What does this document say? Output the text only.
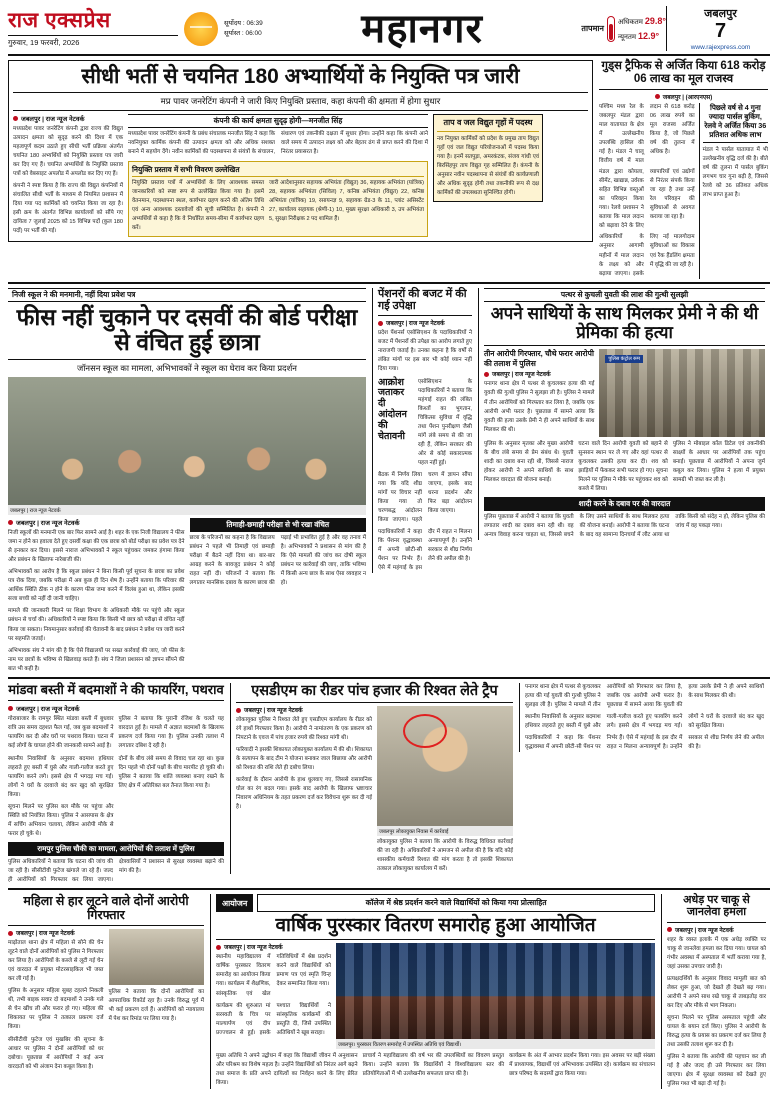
राज एक्सप्रेस
गुरुवार, 19 फरवरी, 2026
सूर्योदय : 06:39
सूर्यास्त : 06:00 महानगर	तापमान
अधिकतम 29.8°
न्यूनतम 12.9°
जबलपुर
7
www.rajexpress.com
सीधी भर्ती से चयनित 180 अभ्यार्थियों के नियुक्ति पत्र जारी
मप्र पावर जनरेटिंग कंपनी ने जारी किए नियुक्ति प्रस्ताव, कहा कंपनी की क्षमता में होगा सुधार
जबलपुर | राज न्यूज नेटवर्क
मध्यप्रदेश पावर जनरेटिंग कंपनी द्वारा राज्य की विद्युत उत्पादन क्षमता को सुदृढ़ करने की दिशा में एक महत्वपूर्ण कदम उठाते हुए सीधी भर्ती प्रक्रिया अंतर्गत चयनित 180 अभ्यर्थियों को नियुक्ति प्रस्ताव पत्र जारी कर दिए गए हैं। चयनित अभ्यर्थियों के नियुक्ति प्रस्ताव पत्रों को वेबसाइट अपलोड में अपलोड कर दिए गए हैं।
कंपनी ने स्पष्ट किया है कि राज्य की विद्युत कंपनियों में संचालित सीधी भर्ती के माध्यम से नियमित प्रशासन में दिया गया पद कार्मिकों को चयनित किया जा रहा है। इसी क्रम के अंतर्गत विभिन्न कार्यालयों को सौंपे गए दायित्व 7 जुलाई 2025 को 15 विभिन्न पदों (कुल 180 पदों) पर भर्ती की गई।
कंपनी की कार्य क्षमता सुदृढ़ होगी—मनजीत सिंह
मध्यप्रदेश पावर जनरेटिंग कंपनी के प्रबंध संचालक मनजीत सिंह ने कहा कि नवनियुक्त कार्मिक कंपनी की उत्पादन क्षमता को और अधिक सशक्त बनाने में सहयोग देंगे। नवीन कार्मिकों की पदस्थापना से संयंत्रों के संचालन, संधारण एवं तकनीकी दक्षता में सुधार होगा। उन्होंने कहा कि कंपनी आने वाले समय में उत्पादन लक्ष्य को और बेहतर ढंग से प्राप्त करने की दिशा में निरंतर प्रयासरत है।
नियुक्ति प्रस्ताव में सभी विवरण उल्लेखित
नियुक्ति प्रस्ताव पत्रों में अभ्यर्थियों के लिए आवश्यक समस्त जानकारियों को स्पष्ट रूप से उल्लेखित किया गया है। इसमें वेतनमान, पदस्थापना स्थल, कार्यभार ग्रहण करने की अंतिम तिथि एवं अन्य आवश्यक दस्तावेजों की सूची सम्मिलित है। कंपनी ने अभ्यर्थियों से कहा है कि वे निर्धारित समय-सीमा में कार्यभार ग्रहण करें।
जारी आदेशानुसार सहायक अभियंता (विद्युत) 36, सहायक अभियंता (यांत्रिक) 28, सहायक अभियंता (सिविल) 7, कनिष्ठ अभियंता (विद्युत) 22, कनिष्ठ अभियंता (यांत्रिक) 19, रसायनज्ञ 9, सहायक ग्रेड-3 के 11, प्लांट असिस्टेंट 27, कार्यालय सहायक (श्रेणी-1) 10, मुख्य सुरक्षा अधिकारी 3, उप अभियंता 5, सुरक्षा निरीक्षक 2 पद शामिल हैं।
ताप व जल विद्युत गृहों में पदस्थ
नव नियुक्त कार्मिकों को प्रदेश के प्रमुख ताप विद्युत गृहों एवं जल विद्युत परियोजनाओं में पदस्थ किया गया है। इनमें सतपुड़ा, अमरकंटक, संजय गांधी एवं बिरसिंहपुर ताप विद्युत गृह सम्मिलित हैं। कंपनी के अनुसार नवीन पदस्थापना से संयंत्रों की कार्यप्रणाली और अधिक सुदृढ़ होगी तथा तकनीकी रूप से दक्ष कार्मिकों की उपलब्धता सुनिश्चित होगी।
गुड्स ट्रैफिक से अर्जित किया 618 करोड़ 06 लाख का मूल राजस्व
जबलपुर | (आरएनएस)
पश्चिम मध्य रेल के जबलपुर मंडल द्वारा माल यातायात के क्षेत्र में उल्लेखनीय उपलब्धि हासिल की गई है। मंडल ने चालू वित्तीय वर्ष में माल लदान से 618 करोड़ 06 लाख रुपये का मूल राजस्व अर्जित किया है, जो पिछले वर्ष की तुलना में अधिक है।
मंडल द्वारा कोयला, सीमेंट, खाद्यान्न, उर्वरक सहित विभिन्न वस्तुओं का परिवहन किया गया। रेलवे प्रशासन ने बताया कि माल लदान को बढ़ावा देने के लिए व्यापारियों एवं उद्योगों से निरंतर संपर्क किया जा रहा है तथा उन्हें रेल परिवहन की सुविधाओं से अवगत कराया जा रहा है।
अधिकारियों के अनुसार आगामी महीनों में माल लदान के लक्ष्य को और बढ़ाया जाएगा। इसके लिए नई मालगोदाम सुविधाओं का विकास एवं रैक हैंडलिंग क्षमता में वृद्धि की जा रही है।
पिछले वर्ष से 4 गुना ज्यादा पार्सल बुकिंग, रेलवे ने अर्जित किया 36 प्रतिशत अधिक लाभ
मंडल ने पार्सल यातायात में भी उल्लेखनीय वृद्धि दर्ज की है। बीते वर्ष की तुलना में पार्सल बुकिंग लगभग चार गुना बढ़ी है, जिससे रेलवे को 36 प्रतिशत अधिक लाभ प्राप्त हुआ है।
निजी स्कूल ने की मनमानी, नहीं दिया प्रवेश पत्र
फीस नहीं चुकाने पर दसवीं की बोर्ड परीक्षा से वंचित हुई छात्रा
जॉनसन स्कूल का मामला, अभिभावकों ने स्कूल का घेराव कर किया प्रदर्शन
जबलपुर | राज न्यूज नेटवर्क
जबलपुर | राज न्यूज नेटवर्क
निजी स्कूलों की मनमानी एक बार फिर सामने आई है। शहर के एक निजी विद्यालय ने फीस जमा न होने का हवाला देते हुए दसवीं कक्षा की एक छात्रा को बोर्ड परीक्षा का प्रवेश पत्र देने से इनकार कर दिया। इससे नाराज अभिभावकों ने स्कूल पहुंचकर जमकर हंगामा किया और प्रबंधन के खिलाफ नारेबाजी की।
अभिभावकों का आरोप है कि स्कूल प्रबंधन ने बिना किसी पूर्व सूचना के छात्रा का प्रवेश पत्र रोक दिया, जबकि परीक्षा में अब कुछ ही दिन शेष हैं। उन्होंने बताया कि परिवार की आर्थिक स्थिति ठीक न होने के कारण फीस जमा करने में विलंब हुआ था, लेकिन इसकी सजा बच्ची को नहीं दी जानी चाहिए।
मामले की जानकारी मिलने पर शिक्षा विभाग के अधिकारी मौके पर पहुंचे और स्कूल प्रबंधन से चर्चा की। अधिकारियों ने स्पष्ट किया कि किसी भी छात्र को परीक्षा से वंचित नहीं किया जा सकता। नियमानुसार कार्रवाई की चेतावनी के बाद प्रबंधन ने प्रवेश पत्र जारी करने पर सहमति जताई।
अभिभावक संघ ने मांग की है कि ऐसे विद्यालयों पर सख्त कार्रवाई की जाए, जो फीस के नाम पर छात्रों के भविष्य से खिलवाड़ करते हैं। संघ ने जिला प्रशासन को ज्ञापन सौंपने की बात भी कही है।
तिमाही-छमाही परीक्षा से भी रखा वंचित
छात्रा के परिजनों का कहना है कि विद्यालय प्रबंधन ने पहले भी तिमाही एवं छमाही परीक्षा में बैठने नहीं दिया था। बार-बार आग्रह करने के बावजूद प्रबंधन ने कोई राहत नहीं दी। परिजनों ने बताया कि लगातार मानसिक दबाव के कारण छात्रा की पढ़ाई भी प्रभावित हुई है और वह तनाव में है। अभिभावकों ने प्रशासन से मांग की है कि ऐसे मामलों की जांच कर दोषी स्कूल प्रबंधन पर कार्रवाई की जाए, ताकि भविष्य में किसी अन्य छात्र के साथ ऐसा व्यवहार न हो।
पेंशनरों की बजट में की गई उपेक्षा
जबलपुर | राज न्यूज नेटवर्क
प्रदेश पेंशनर्स एसोसिएशन के पदाधिकारियों ने बजट में पेंशनरों की उपेक्षा का आरोप लगाते हुए नाराजगी जताई है। उनका कहना है कि वर्षों से लंबित मांगों पर इस बार भी कोई ध्यान नहीं दिया गया।
आक्रोश जताकर दी आंदोलन की चेतावनी
एसोसिएशन के पदाधिकारियों ने बताया कि महंगाई राहत की लंबित किश्तों का भुगतान, चिकित्सा सुविधा में वृद्धि तथा पेंशन पुनरीक्षण जैसी मांगें लंबे समय से की जा रही हैं, लेकिन सरकार की ओर से कोई सकारात्मक पहल नहीं हुई।
बैठक में निर्णय लिया गया कि यदि शीघ्र मांगों पर विचार नहीं किया गया तो चरणबद्ध आंदोलन किया जाएगा। पहले चरण में ज्ञापन सौंपा जाएगा, इसके बाद धरना प्रदर्शन और फिर बड़ा आंदोलन किया जाएगा।
पदाधिकारियों ने कहा कि पेंशनर वृद्धावस्था में अपनी छोटी-सी पेंशन पर निर्भर हैं। ऐसे में महंगाई के इस दौर में राहत न मिलना अन्यायपूर्ण है। उन्होंने सरकार से शीघ्र निर्णय लेने की अपील की है।
पत्थर से कुचली युवती की लाश की गुत्थी सुलझी
अपने साथियों के साथ मिलकर प्रेमी ने की थी प्रेमिका की हत्या
तीन आरोपी गिरफ्तार, चौथे फरार आरोपी की तलाश में पुलिस
जबलपुर | राज न्यूज नेटवर्क
पनागर थाना क्षेत्र में पत्थर से कुचलकर हत्या की गई युवती की गुत्थी पुलिस ने सुलझा ली है। पुलिस ने मामले में तीन आरोपियों को गिरफ्तार कर लिया है, जबकि एक आरोपी अभी फरार है। पूछताछ में सामने आया कि युवती की हत्या उसके प्रेमी ने ही अपने साथियों के साथ मिलकर की थी।
पुलिस कंट्रोल रूम
पुलिस के अनुसार मृतका और मुख्य आरोपी के बीच लंबे समय से प्रेम संबंध थे। युवती शादी का दबाव बना रही थी, जिससे नाराज होकर आरोपी ने अपने साथियों के साथ मिलकर वारदात की योजना बनाई।
घटना वाले दिन आरोपी युवती को बहाने से सुनसान स्थान पर ले गए और वहां पत्थर से कुचलकर उसकी हत्या कर दी। शव को झाड़ियों में फेंककर सभी फरार हो गए। सूचना मिलने पर पुलिस ने मौके पर पहुंचकर शव को कब्जे में लिया।
पुलिस ने मोबाइल कॉल डिटेल एवं तकनीकी साक्ष्यों के आधार पर आरोपियों तक पहुंच बनाई। पूछताछ में आरोपियों ने अपना जुर्म कबूल कर लिया। पुलिस ने हत्या में प्रयुक्त सामग्री भी जब्त कर ली है।
शादी करने के दबाव पर की वारदात
पुलिस पूछताछ में आरोपी ने बताया कि युवती लगातार शादी का दबाव बना रही थी। वह अन्यत्र विवाह करना चाहता था, जिससे बचने के लिए उसने साथियों के साथ मिलकर हत्या की योजना बनाई। आरोपी ने बताया कि घटना के बाद वह सामान्य दिनचर्या में लौट आया था ताकि किसी को संदेह न हो, लेकिन पुलिस की जांच में वह पकड़ा गया।
मांडवा बस्ती में बदमाशों ने की फायरिंग, पथराव
जबलपुर | राज न्यूज नेटवर्क
गोराबाजार के रामपुर स्थित मांडवा बस्ती में बुधवार रात्रि उस समय दहशत फैल गई, जब कुछ बदमाशों ने फायरिंग कर दी और घरों पर पथराव किया। घटना में कई लोगों के घायल होने की जानकारी सामने आई है।
स्थानीय निवासियों के अनुसार बदमाश हथियार लहराते हुए बस्ती में घुसे और गाली-गलौज करते हुए फायरिंग करने लगे। इससे क्षेत्र में भगदड़ मच गई। लोगों ने घरों के दरवाजे बंद कर खुद को सुरक्षित किया।
सूचना मिलने पर पुलिस बल मौके पर पहुंचा और स्थिति को नियंत्रित किया। पुलिस ने आसपास के क्षेत्र में सर्चिंग अभियान चलाया, लेकिन आरोपी मौके से फरार हो चुके थे।
पुलिस ने बताया कि पुरानी रंजिश के चलते यह वारदात हुई है। मामले में अज्ञात बदमाशों के खिलाफ प्रकरण दर्ज किया गया है। पुलिस उनकी तलाश में लगातार दबिश दे रही है।
दोनों के बीच लंबे समय से विवाद चल रहा था। कुछ दिन पहले भी दोनों पक्षों के बीच मारपीट हो चुकी थी। पुलिस ने बताया कि शांति व्यवस्था बनाए रखने के लिए क्षेत्र में अतिरिक्त बल तैनात किया गया है।
रामपुर पुलिस चौकी का मामला, आरोपियों की तलाश में पुलिस
पुलिस अधिकारियों ने बताया कि घटना की जांच की जा रही है। सीसीटीवी फुटेज खंगाले जा रहे हैं। जल्द ही आरोपियों को गिरफ्तार कर लिया जाएगा। क्षेत्रवासियों ने प्रशासन से सुरक्षा व्यवस्था बढ़ाने की मांग की है।
एसडीएम का रीडर पांच हजार की रिश्वत लेते ट्रैप
जबलपुर | राज न्यूज नेटवर्क
लोकायुक्त पुलिस ने रिश्वत लेते हुए एसडीएम कार्यालय के रीडर को रंगे हाथों गिरफ्तार किया है। आरोपी ने नामांतरण के एक प्रकरण को निपटाने के एवज में पांच हजार रुपये की रिश्वत मांगी थी।
फरियादी ने इसकी शिकायत लोकायुक्त कार्यालय में की थी। शिकायत के सत्यापन के बाद टीम ने योजना बनाकर जाल बिछाया और आरोपी को रिश्वत की राशि लेते ही दबोच लिया।
कार्रवाई के दौरान आरोपी के हाथ धुलवाए गए, जिससे रासायनिक घोल का रंग बदल गया। इसके बाद आरोपी के खिलाफ भ्रष्टाचार निवारण अधिनियम के तहत प्रकरण दर्ज कर विवेचना शुरू कर दी गई है।
जबलपुर लोकायुक्त निवास में कार्रवाई
लोकायुक्त पुलिस ने बताया कि आरोपी के विरुद्ध विधिवत कार्रवाई की जा रही है। अधिकारियों ने आमजन से अपील की है कि यदि कोई शासकीय कर्मचारी रिश्वत की मांग करता है तो इसकी शिकायत तत्काल लोकायुक्त कार्यालय में करें।
पनागर थाना क्षेत्र में पत्थर से कुचलकर हत्या की गई युवती की गुत्थी पुलिस ने सुलझा ली है। पुलिस ने मामले में तीन आरोपियों को गिरफ्तार कर लिया है, जबकि एक आरोपी अभी फरार है। पूछताछ में सामने आया कि युवती की हत्या उसके प्रेमी ने ही अपने साथियों के साथ मिलकर की थी।
स्थानीय निवासियों के अनुसार बदमाश हथियार लहराते हुए बस्ती में घुसे और गाली-गलौज करते हुए फायरिंग करने लगे। इससे क्षेत्र में भगदड़ मच गई। लोगों ने घरों के दरवाजे बंद कर खुद को सुरक्षित किया।
पदाधिकारियों ने कहा कि पेंशनर वृद्धावस्था में अपनी छोटी-सी पेंशन पर निर्भर हैं। ऐसे में महंगाई के इस दौर में राहत न मिलना अन्यायपूर्ण है। उन्होंने सरकार से शीघ्र निर्णय लेने की अपील की है।
महिला से हार लूटने वाले दोनों आरोपी गिरफ्तार
जबलपुर | राज न्यूज नेटवर्क
माढ़ोताल थाना क्षेत्र में महिला से सोने की चेन लूटने वाले दोनों आरोपियों को पुलिस ने गिरफ्तार कर लिया है। आरोपियों के कब्जे से लूटी गई चेन एवं वारदात में प्रयुक्त मोटरसाइकिल भी जब्त कर ली गई है।
पुलिस के अनुसार महिला सुबह टहलने निकली थी, तभी बाइक सवार दो बदमाशों ने उनके गले से चेन खींच ली और फरार हो गए। महिला की शिकायत पर पुलिस ने तत्काल प्रकरण दर्ज किया।
सीसीटीवी फुटेज एवं मुखबिर की सूचना के आधार पर पुलिस ने दोनों आरोपियों को धर दबोचा। पूछताछ में आरोपियों ने कई अन्य वारदातों को भी अंजाम देना कबूल किया है।
पुलिस ने बताया कि दोनों आरोपियों का आपराधिक रिकॉर्ड रहा है। उनके विरुद्ध पूर्व में भी कई प्रकरण दर्ज हैं। आरोपियों को न्यायालय में पेश कर रिमांड पर लिया गया है।
आयोजन	कॉलेज में श्रेष्ठ प्रदर्शन करने वाले विद्यार्थियों को किया गया प्रोत्साहित
वार्षिक पुरस्कार वितरण समारोह हुआ आयोजित
जबलपुर | राज न्यूज नेटवर्क
स्थानीय महाविद्यालय में वार्षिक पुरस्कार वितरण समारोह का आयोजन किया गया। कार्यक्रम में शैक्षणिक, सांस्कृतिक एवं खेल गतिविधियों में श्रेष्ठ प्रदर्शन करने वाले विद्यार्थियों को प्रमाण पत्र एवं स्मृति चिन्ह देकर सम्मानित किया गया।
कार्यक्रम की शुरुआत मां सरस्वती के चित्र पर माल्यार्पण एवं दीप प्रज्ज्वलन से हुई। इसके पश्चात विद्यार्थियों ने सांस्कृतिक कार्यक्रमों की प्रस्तुति दी, जिसे उपस्थित अतिथियों ने खूब सराहा।
जबलपुर। पुरस्कार वितरण समारोह में उपस्थित अतिथि एवं विद्यार्थी।
मुख्य अतिथि ने अपने उद्बोधन में कहा कि विद्यार्थी जीवन में अनुशासन और परिश्रम का विशेष महत्व है। उन्होंने विद्यार्थियों को निरंतर आगे बढ़ने तथा समाज के प्रति अपने दायित्वों का निर्वहन करने के लिए प्रेरित किया।
प्राचार्य ने महाविद्यालय की वर्ष भर की उपलब्धियों का विवरण प्रस्तुत किया। उन्होंने बताया कि विद्यार्थियों ने विश्वविद्यालय स्तर की प्रतियोगिताओं में भी उल्लेखनीय सफलता प्राप्त की है।
कार्यक्रम के अंत में आभार प्रदर्शन किया गया। इस अवसर पर बड़ी संख्या में प्राध्यापक, विद्यार्थी एवं अभिभावक उपस्थित रहे। कार्यक्रम का संचालन छात्र परिषद के सदस्यों द्वारा किया गया।
अधेड़ पर चाकू से जानलेवा हमला
जबलपुर | राज न्यूज नेटवर्क
शहर के व्यस्त इलाके में एक अधेड़ व्यक्ति पर चाकू से जानलेवा हमला कर दिया गया। घायल को गंभीर अवस्था में अस्पताल में भर्ती कराया गया है, जहां उसका उपचार जारी है।
प्रत्यक्षदर्शियों के अनुसार विवाद मामूली बात को लेकर शुरू हुआ, जो देखते ही देखते बढ़ गया। आरोपी ने अपने साथ रखे चाकू से ताबड़तोड़ वार कर दिए और मौके से भाग निकला।
सूचना मिलने पर पुलिस अस्पताल पहुंची और घायल के बयान दर्ज किए। पुलिस ने आरोपी के विरुद्ध हत्या के प्रयास का प्रकरण दर्ज कर लिया है तथा उसकी तलाश शुरू कर दी है।
पुलिस ने बताया कि आरोपी की पहचान कर ली गई है और जल्द ही उसे गिरफ्तार कर लिया जाएगा। क्षेत्र में सुरक्षा व्यवस्था को देखते हुए पुलिस गश्त भी बढ़ा दी गई है।
